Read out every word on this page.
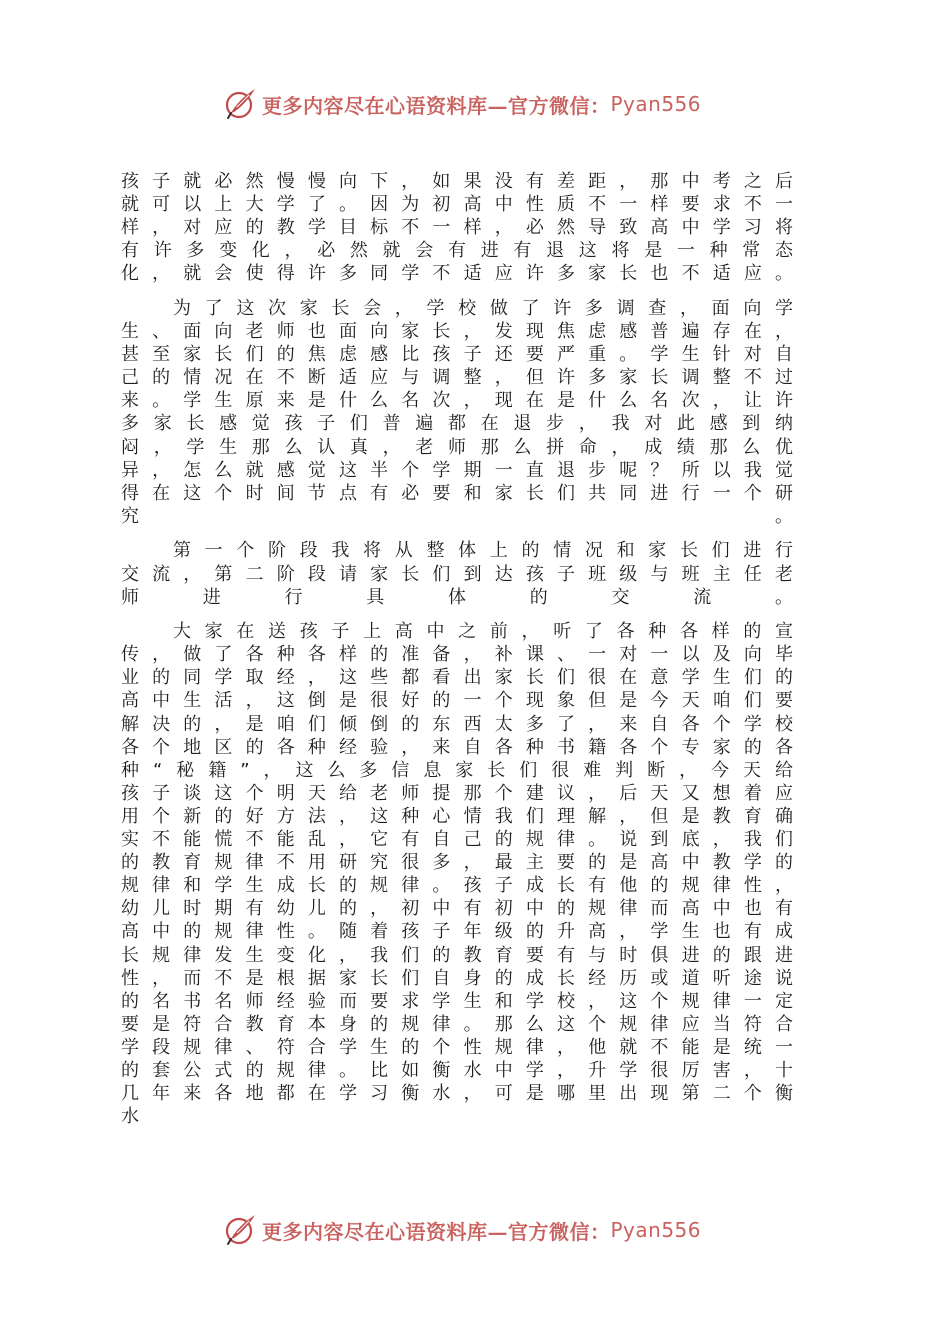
更多内容尽在心语资料库—官方微信： Pyan556

孩子就必然慢慢向下，如果没有差距，那中考之后就可以上大学了。因为初高中性质不一样要求不一样，对应的教学目标不一样，必然导致高中学习将有许多变化，必然就会有进有退这将是一种常态化，就会使得许多同学不适应许多家长也不适应。

为了这次家长会，学校做了许多调查，面向学生、面向老师也面向家长，发现焦虑感普遍存在，甚至家长们的焦虑感比孩子还要严重。学生针对自己的情况在不断适应与调整，但许多家长调整不过来。学生原来是什么名次，现在是什么名次，让许多家长感觉孩子们普遍都在退步，我对此感到纳闷，学生那么认真，老师那么拼命，成绩那么优异，怎么就感觉这半个学期一直退步呢？所以我觉得在这个时间节点有必要和家长们共同进行一个研究。

第一个阶段我将从整体上的情况和家长们进行交流，第二阶段请家长们到达孩子班级与班主任老师进行具体的交流。

大家在送孩子上高中之前，听了各种各样的宣传，做了各种各样的准备，补课、一对一以及向毕业的同学取经，这些都看出家长们很在意学生们的高中生活，这倒是很好的一个现象但是今天咱们要解决的，是咱们倾倒的东西太多了，来自各个学校各个地区的各种经验，来自各种书籍各个专家的各种“秘籍”，这么多信息家长们很难判断，今天给孩子谈这个明天给老师提那个建议，后天又想着应用个新的好方法，这种心情我们理解，但是教育确实不能慌不能乱，它有自己的规律。说到底，我们的教育规律不用研究很多，最主要的是高中教学的规律和学生成长的规律。孩子成长有他的规律性，幼儿时期有幼儿的，初中有初中的规律而高中也有高中的规律性。随着孩子年级的升高，学生也有成长规律发生变化，我们的教育要有与时俱进的跟进性，而不是根据家长们自身的成长经历或道听途说的名书名师经验而要求学生和学校，这个规律一定要是符合教育本身的规律。那么这个规律应当符合学段规律、符合学生的个性规律，他就不能是统一的套公式的规律。比如衡水中学，升学很厉害，十几年来各地都在学习衡水，可是哪里出现第二个衡水

更多内容尽在心语资料库—官方微信： Pyan556
